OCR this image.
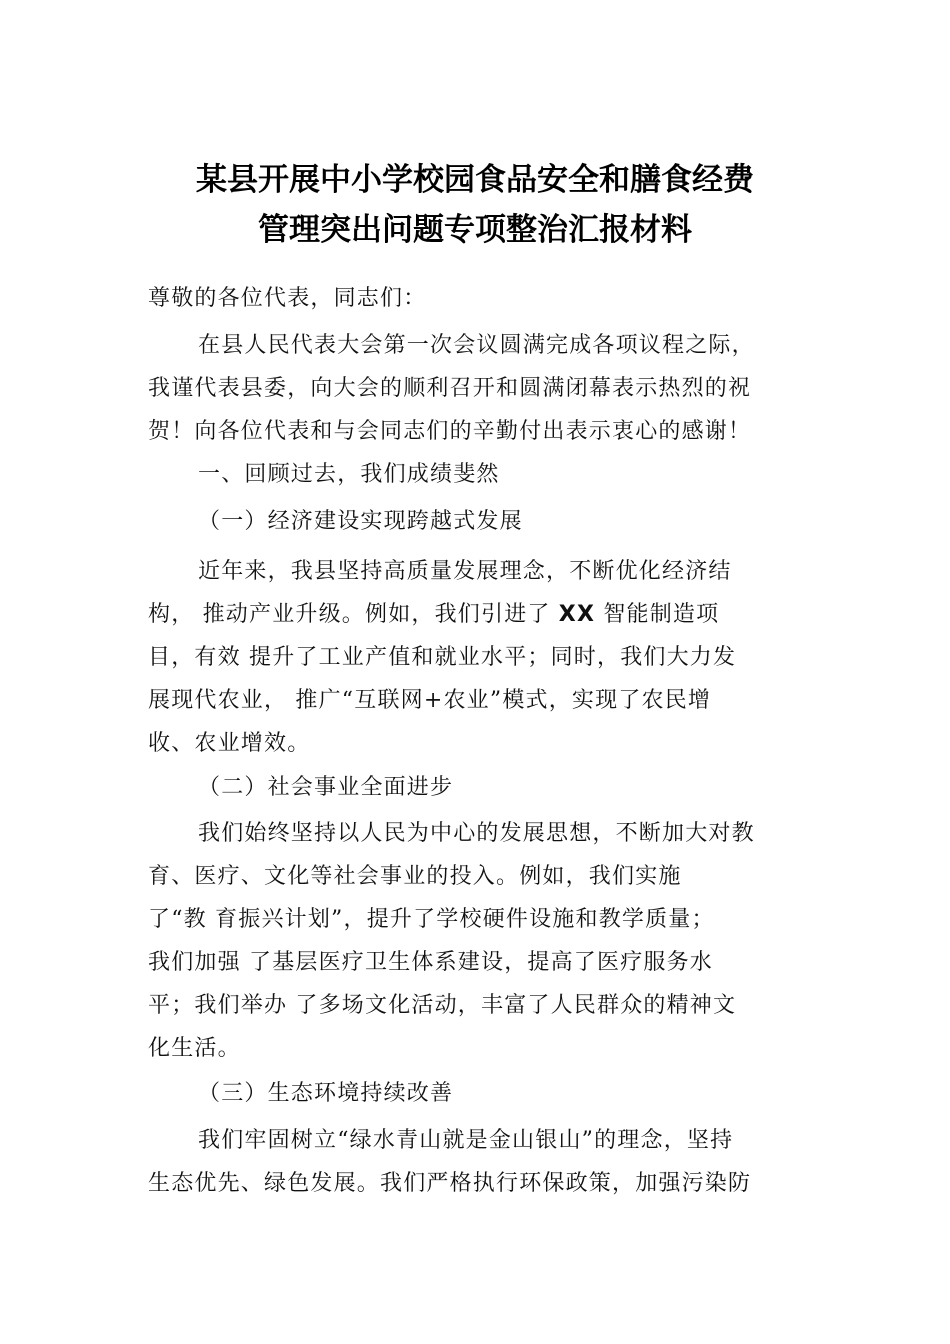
某县开展中小学校园食品安全和膳食经费
管理突出问题专项整治汇报材料
尊敬的各位代表，同志们：
在县人民代表大会第一次会议圆满完成各项议程之际，
我谨代表县委，向大会的顺利召开和圆满闭幕表示热烈的祝
贺！向各位代表和与会同志们的辛勤付出表示衷心的感谢！
一、回顾过去，我们成绩斐然
（一）经济建设实现跨越式发展
近年来，我县坚持高质量发展理念，不断优化经济结
构， 推动产业升级。例如，我们引进了 XX 智能制造项
目，有效 提升了工业产值和就业水平；同时，我们大力发
展现代农业， 推广“互联网+农业”模式，实现了农民增
收、农业增效。
（二）社会事业全面进步
我们始终坚持以人民为中心的发展思想，不断加大对教
育、医疗、文化等社会事业的投入。例如，我们实施
了“教 育振兴计划”，提升了学校硬件设施和教学质量；
我们加强 了基层医疗卫生体系建设，提高了医疗服务水
平；我们举办 了多场文化活动，丰富了人民群众的精神文
化生活。
（三）生态环境持续改善
我们牢固树立“绿水青山就是金山银山”的理念，坚持
生态优先、绿色发展。我们严格执行环保政策，加强污染防
